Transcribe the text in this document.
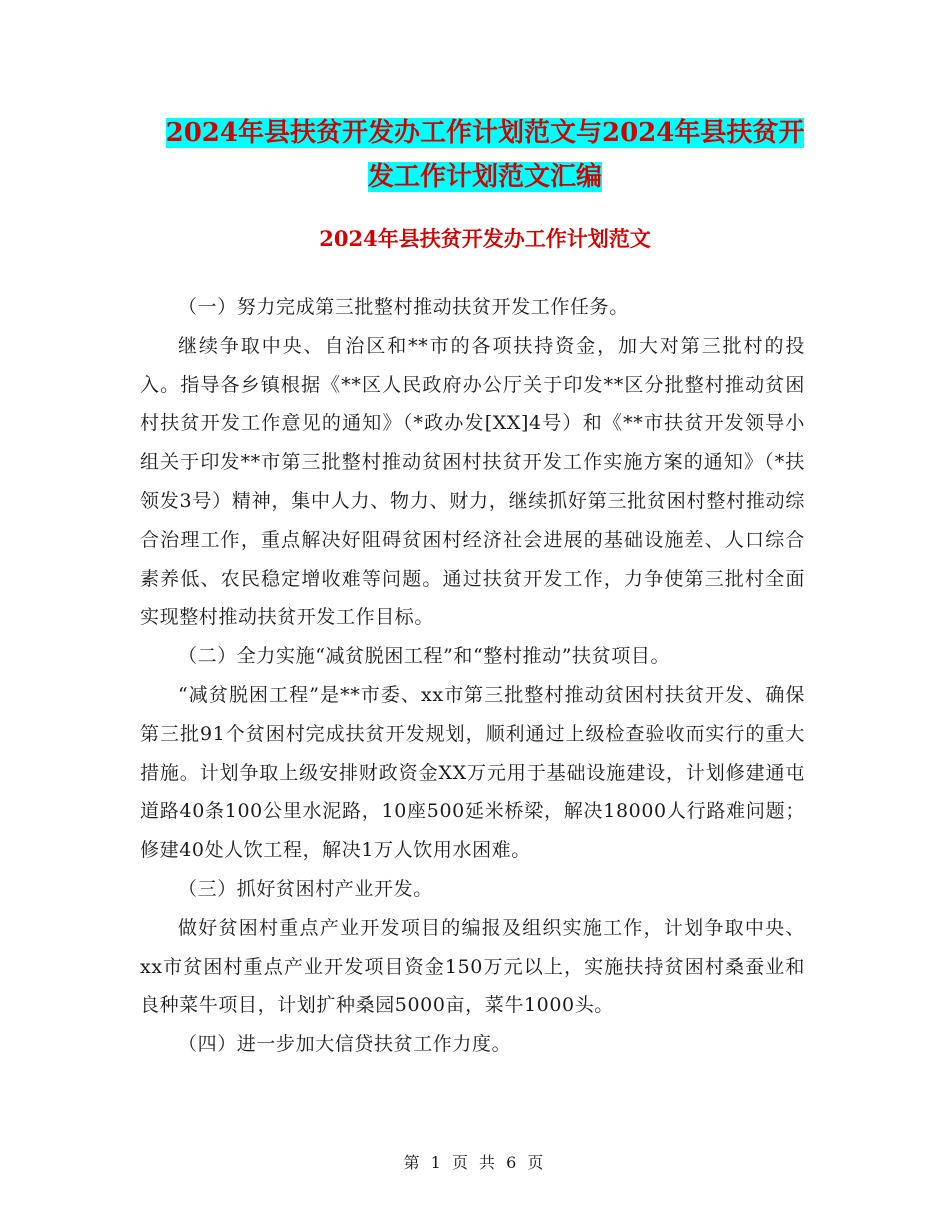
2024年县扶贫开发办工作计划范文与2024年县扶贫开
发工作计划范文汇编
2024年县扶贫开发办工作计划范文

（一）努力完成第三批整村推动扶贫开发工作任务。

继续争取中央、自治区和**市的各项扶持资金，加大对第三批村的投入。指导各乡镇根据《**区人民政府办公厅关于印发**区分批整村推动贫困村扶贫开发工作意见的通知》（*政办发[XX]4号）和《**市扶贫开发领导小组关于印发**市第三批整村推动贫困村扶贫开发工作实施方案的通知》（*扶领发3号）精神，集中人力、物力、财力，继续抓好第三批贫困村整村推动综合治理工作，重点解决好阻碍贫困村经济社会进展的基础设施差、人口综合素养低、农民稳定增收难等问题。通过扶贫开发工作，力争使第三批村全面实现整村推动扶贫开发工作目标。

（二）全力实施“减贫脱困工程”和“整村推动”扶贫项目。

“减贫脱困工程”是**市委、xx市第三批整村推动贫困村扶贫开发、确保第三批91个贫困村完成扶贫开发规划，顺利通过上级检查验收而实行的重大措施。计划争取上级安排财政资金XX万元用于基础设施建设，计划修建通屯道路40条100公里水泥路，10座500延米桥梁，解决18000人行路难问题；修建40处人饮工程，解决1万人饮用水困难。

（三）抓好贫困村产业开发。

做好贫困村重点产业开发项目的编报及组织实施工作，计划争取中央、xx市贫困村重点产业开发项目资金150万元以上，实施扶持贫困村桑蚕业和良种菜牛项目，计划扩种桑园5000亩，菜牛1000头。

（四）进一步加大信贷扶贫工作力度。

第 1 页 共 6 页
